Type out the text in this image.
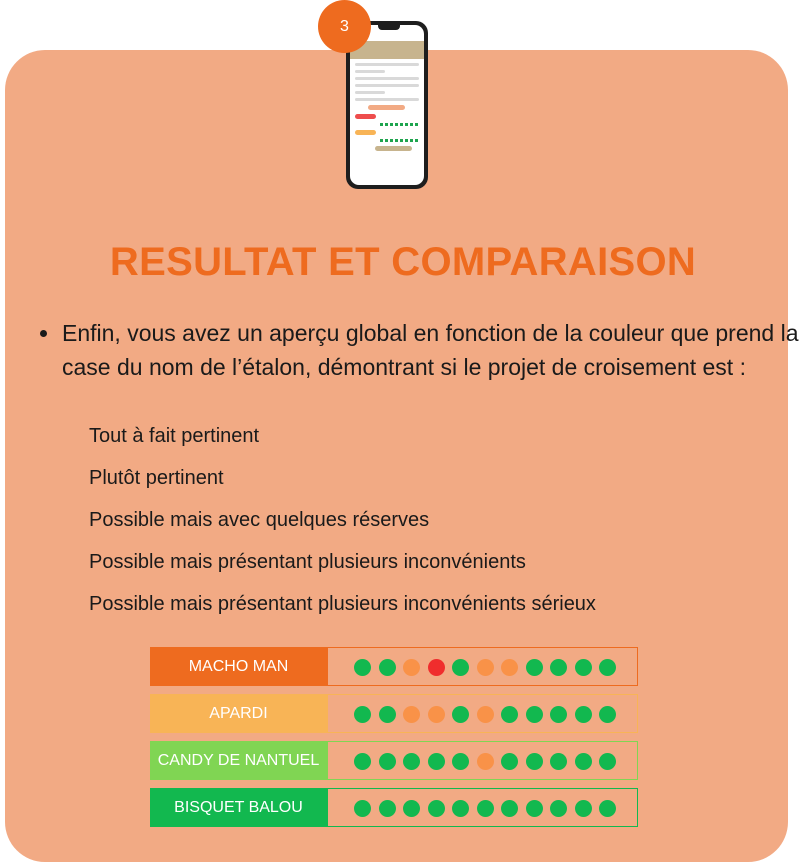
3
RESULTAT ET COMPARAISON

Enfin, vous avez un aperçu global en fonction de la couleur que prend la case du nom de l’étalon, démontrant si le projet de croisement est :

Tout à fait pertinent
Plutôt pertinent
Possible mais avec quelques réserves
Possible mais présentant plusieurs inconvénients
Possible mais présentant plusieurs inconvénients sérieux
MACHO MAN
APARDI
CANDY DE NANTUEL
BISQUET BALOU
